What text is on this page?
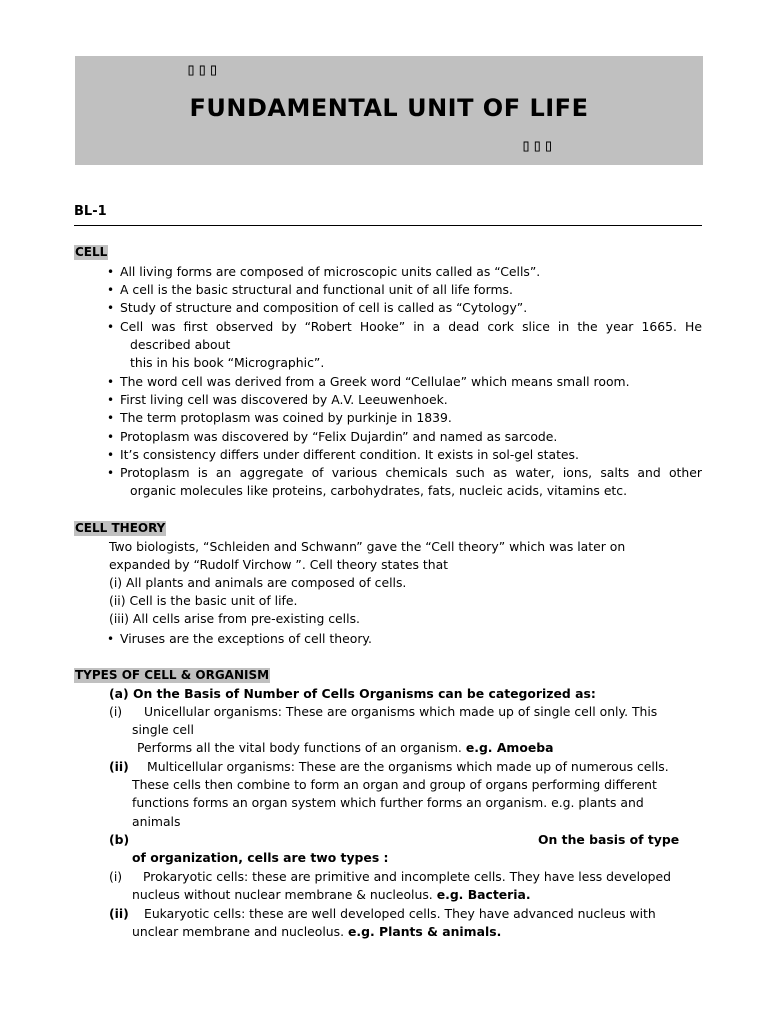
▯▯▯
FUNDAMENTAL UNIT OF LIFE
▯▯▯
BL-1
CELL
• All living forms are composed of microscopic units called as “Cells”.
• A cell is the basic structural and functional unit of all life forms.
• Study of structure and composition of cell is called as “Cytology”.
• Cell was first observed by “Robert Hooke” in a dead cork slice in the year 1665. He
described about
this in his book “Micrographic”.
• The word cell was derived from a Greek word “Cellulae” which means small room.
• First living cell was discovered by A.V. Leeuwenhoek.
• The term protoplasm was coined by purkinje in 1839.
• Protoplasm was discovered by “Felix Dujardin” and named as sarcode.
• It’s consistency differs under different condition. It exists in sol-gel states.
• Protoplasm is an aggregate of various chemicals such as water, ions, salts and other
organic molecules like proteins, carbohydrates, fats, nucleic acids, vitamins etc.
CELL THEORY
Two biologists, “Schleiden and Schwann” gave the “Cell theory” which was later on
expanded by “Rudolf Virchow ”. Cell theory states that
(i) All plants and animals are composed of cells.
(ii) Cell is the basic unit of life.
(iii) All cells arise from pre-existing cells.
• Viruses are the exceptions of cell theory.
TYPES OF CELL & ORGANISM
(a) On the Basis of Number of Cells Organisms can be categorized as:
(i) Unicellular organisms: These are organisms which made up of single cell only. This
single cell
Performs all the vital body functions of an organism. e.g. Amoeba
(ii) Multicellular organisms: These are the organisms which made up of numerous cells.
These cells then combine to form an organ and group of organs performing different
functions forms an organ system which further forms an organism. e.g. plants and
animals
(b)	On the basis of type
of organization, cells are two types :
(i) Prokaryotic cells: these are primitive and incomplete cells. They have less developed
nucleus without nuclear membrane & nucleolus. e.g. Bacteria.
(ii) Eukaryotic cells: these are well developed cells. They have advanced nucleus with
unclear membrane and nucleolus. e.g. Plants & animals.
